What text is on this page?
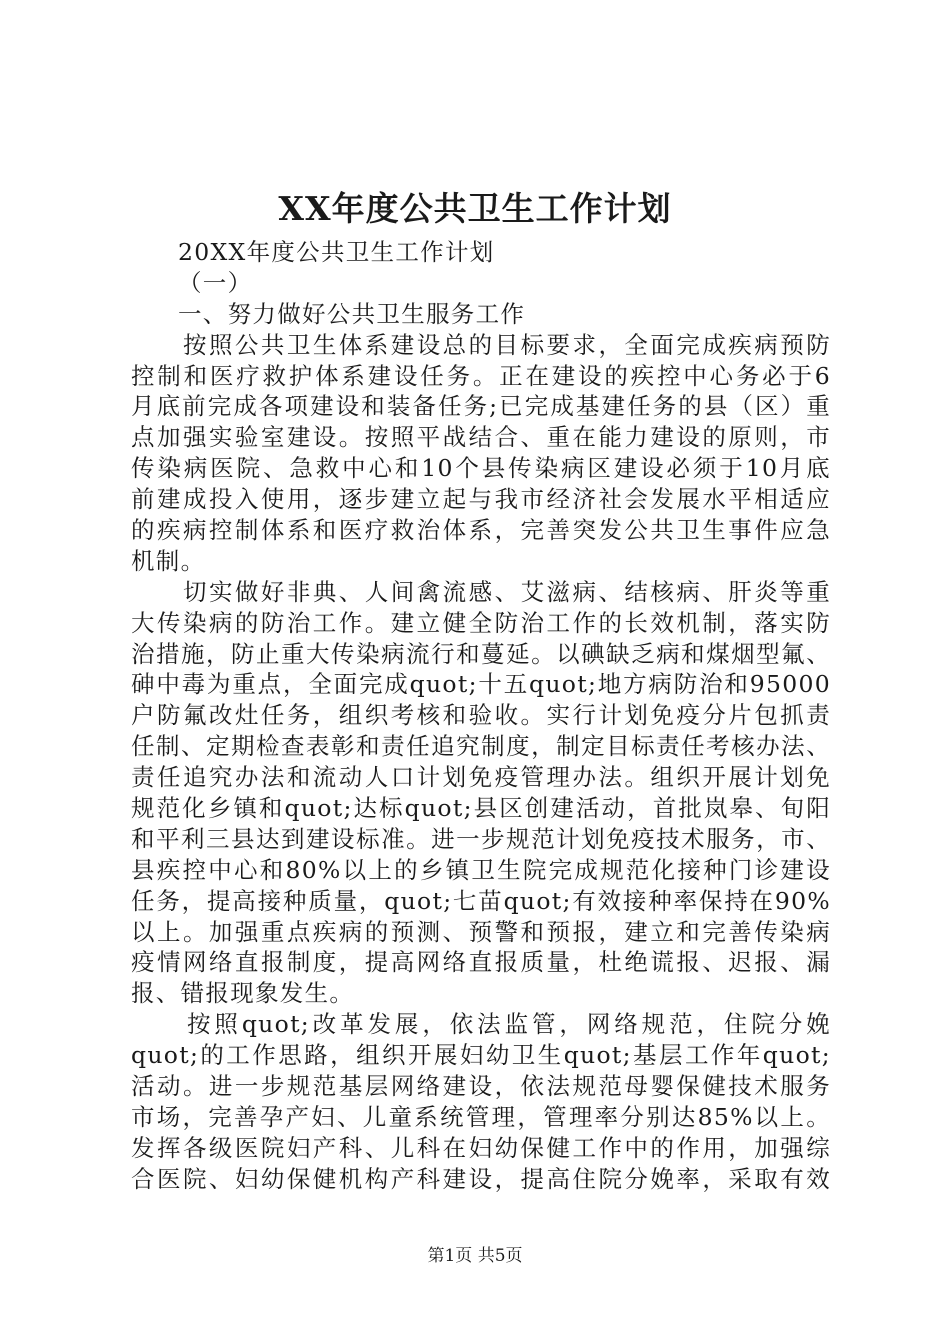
XX年度公共卫生工作计划
20XX年度公共卫生工作计划
（一）
一、努力做好公共卫生服务工作
按照公共卫生体系建设总的目标要求，全面完成疾病预防
控制和医疗救护体系建设任务。正在建设的疾控中心务必于6
月底前完成各项建设和装备任务;已完成基建任务的县（区）重
点加强实验室建设。按照平战结合、重在能力建设的原则，市
传染病医院、急救中心和10个县传染病区建设必须于10月底
前建成投入使用，逐步建立起与我市经济社会发展水平相适应
的疾病控制体系和医疗救治体系，完善突发公共卫生事件应急
机制。
切实做好非典、人间禽流感、艾滋病、结核病、肝炎等重
大传染病的防治工作。建立健全防治工作的长效机制，落实防
治措施，防止重大传染病流行和蔓延。以碘缺乏病和煤烟型氟、
砷中毒为重点，全面完成quot;十五quot;地方病防治和95000
户防氟改灶任务，组织考核和验收。实行计划免疫分片包抓责
任制、定期检查表彰和责任追究制度，制定目标责任考核办法、
责任追究办法和流动人口计划免疫管理办法。组织开展计划免
规范化乡镇和quot;达标quot;县区创建活动，首批岚皋、旬阳
和平利三县达到建设标准。进一步规范计划免疫技术服务，市、
县疾控中心和80%以上的乡镇卫生院完成规范化接种门诊建设
任务，提高接种质量，quot;七苗quot;有效接种率保持在90%
以上。加强重点疾病的预测、预警和预报，建立和完善传染病
疫情网络直报制度，提高网络直报质量，杜绝谎报、迟报、漏
报、错报现象发生。
按照quot;改革发展，依法监管，网络规范，住院分娩
quot;的工作思路，组织开展妇幼卫生quot;基层工作年quot;
活动。进一步规范基层网络建设，依法规范母婴保健技术服务
市场，完善孕产妇、儿童系统管理，管理率分别达85%以上。
发挥各级医院妇产科、儿科在妇幼保健工作中的作用，加强综
合医院、妇幼保健机构产科建设，提高住院分娩率，采取有效
第1页 共5页
